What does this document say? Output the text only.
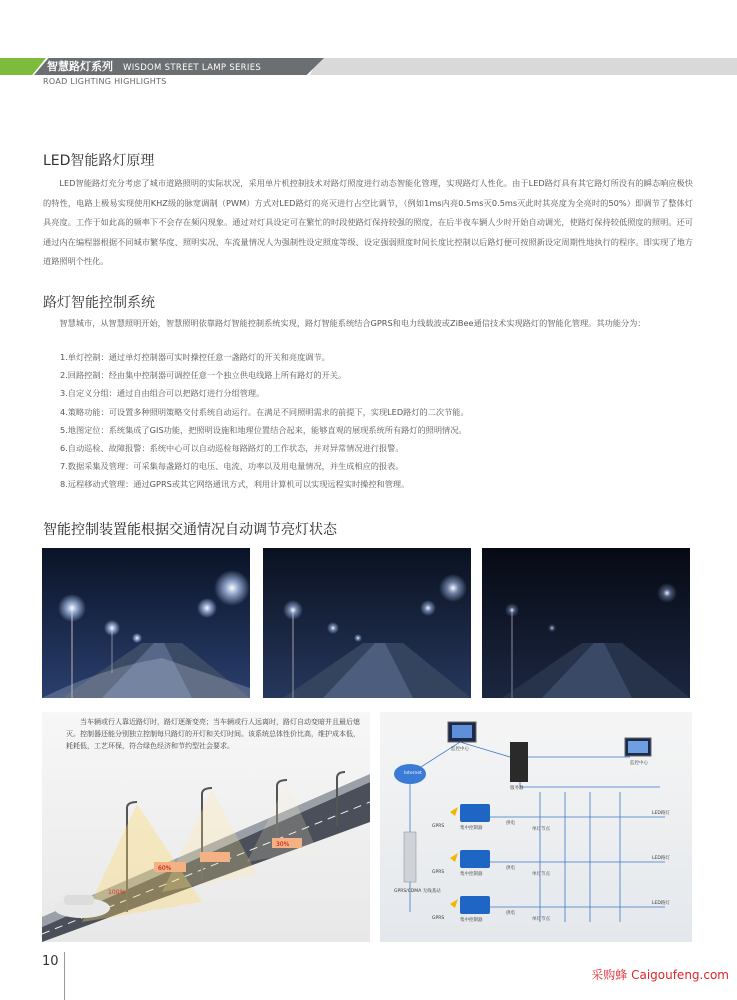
智慧路灯系列 WISDOM STREET LAMP SERIES
ROAD LIGHTING HIGHLIGHTS
LED智能路灯原理

LED智能路灯充分考虑了城市道路照明的实际状况，采用单片机控制技术对路灯照度进行动态智能化管理，实现路灯人性化。由于LED路灯具有其它路灯所没有的瞬态响应极快的特性，电路上极易实现使用KHZ级的脉宽调制（PWM）方式对LED路灯的亮灭进行占空比调节，（例如1ms内亮0.5ms灭0.5ms灭此时其亮度为全亮时的50%）即调节了整体灯具亮度。工作于如此高的频率下不会存在频闪现象。通过对灯具设定可在繁忙的时段使路灯保持较强的照度，在后半夜车辆人少时开始自动调光，使路灯保持较低照度的照明。还可通过内在编程器根据不同城市繁华度、照明实况、车流量情况人为强制性设定照度等级、设定强弱照度时间长度比控制以后路灯便可按照新设定周期性地执行的程序。即实现了地方道路照明个性化。

路灯智能控制系统

智慧城市，从智慧照明开始，智慧照明依靠路灯智能控制系统实现，路灯智能系统结合GPRS和电力线载波或ZiBee通信技术实现路灯的智能化管理。其功能分为：

1.单灯控制：通过单灯控制器可实时操控任意一盏路灯的开关和亮度调节。
2.回路控制：经由集中控制器可调控任意一个独立供电线路上所有路灯的开关。
3.自定义分组：通过自由组合可以把路灯进行分组管理。
4.策略功能：可设置多种照明策略交付系统自动运行。在满足不同照明需求的前提下，实现LED路灯的二次节能。
5.地图定位：系统集成了GIS功能，把照明设施和地理位置结合起来，能够直观的展现系统所有路灯的照明情况。
6.自动巡检、故障报警：系统中心可以自动巡检每路路灯的工作状态，并对异常情况进行报警。
7.数据采集及管理：可采集每盏路灯的电压、电流、功率以及用电量情况，并生成相应的报表。
8.远程移动式管理：通过GPRS或其它网络通讯方式，利用计算机可以实现远程实时操控和管理。
智能控制装置能根据交通情况自动调节亮灯状态

当车辆或行人靠近路灯时，路灯逐渐变亮；当车辆或行人远离时，路灯自动变暗并且最后熄灭。控制器还能分别独立控制每只路灯的开灯和关灯时间。该系统总体性价比高，维护成本低，耗耗低，工艺环保，符合绿色经济和节约型社会要求。

100%
60%
30%
Internet
监控中心
监控中心
服务器
GPRS
GPRS
GPRS
GPRS/CDMA 无线基站
集中控制器
集中控制器
集中控制器
供电
供电
供电
单灯节点
单灯节点
单灯节点
LED路灯
LED路灯
LED路灯
10
采购蜂 Caigoufeng.com
